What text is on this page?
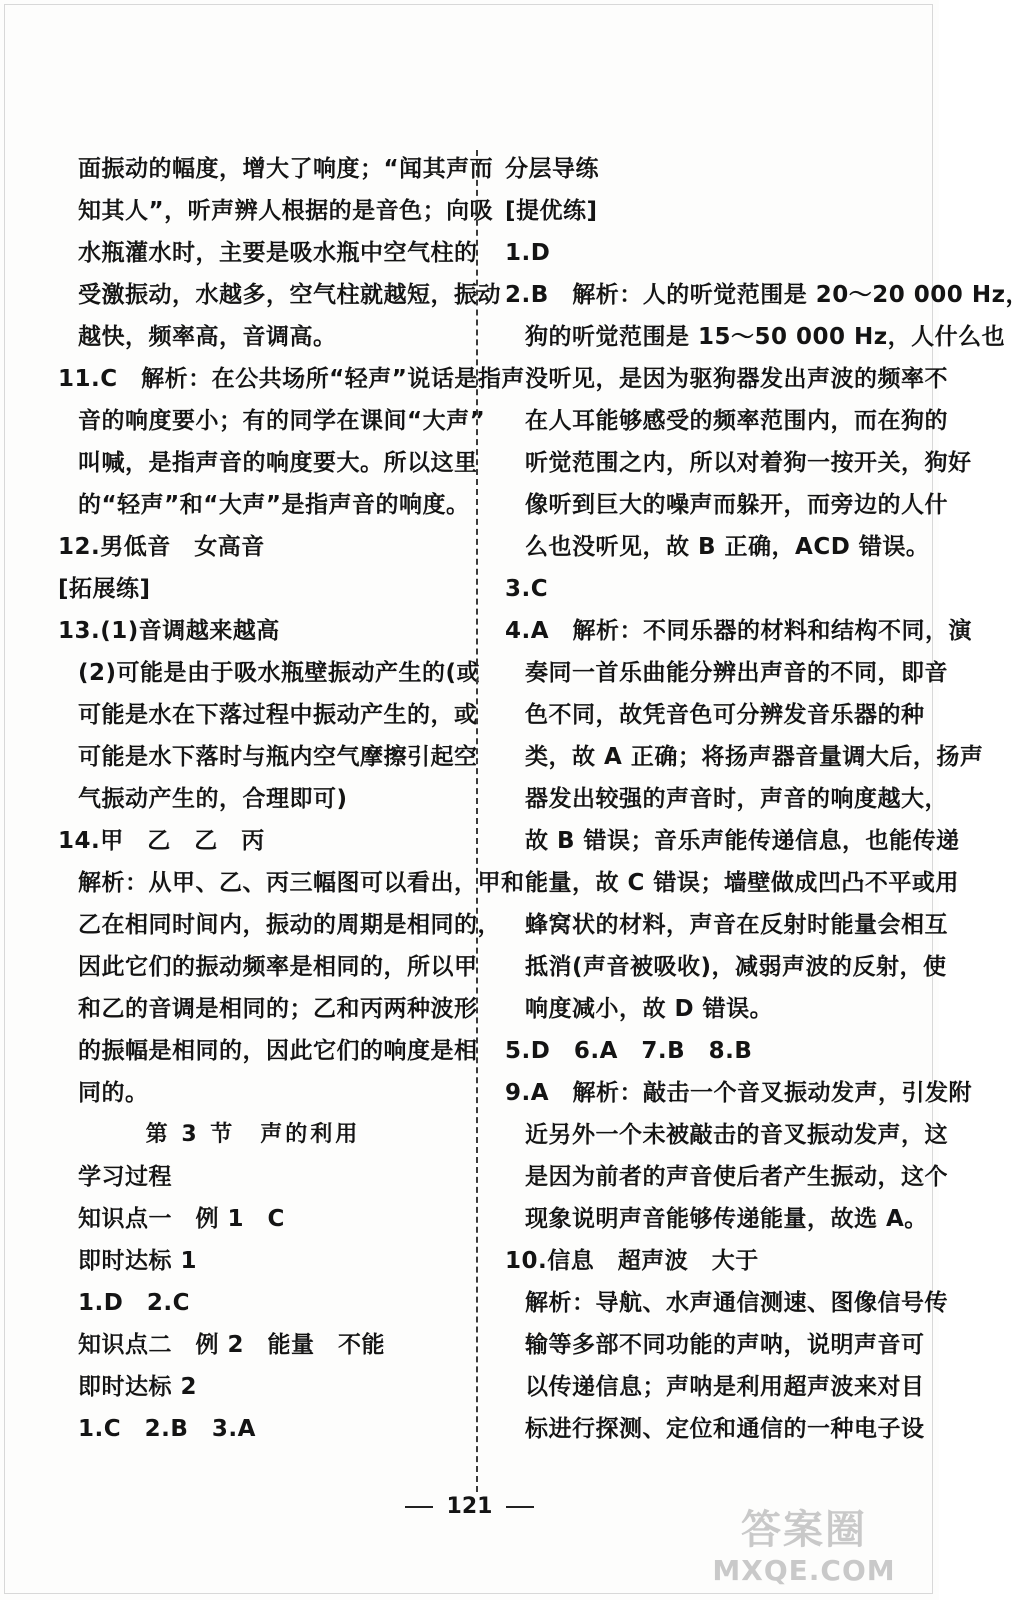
面振动的幅度，增大了响度；“闻其声而
知其人”，听声辨人根据的是音色；向吸
水瓶灌水时，主要是吸水瓶中空气柱的
受激振动，水越多，空气柱就越短，振动
越快，频率高，音调高。
11.C　解析：在公共场所“轻声”说话是指声
音的响度要小；有的同学在课间“大声”
叫喊，是指声音的响度要大。所以这里
的“轻声”和“大声”是指声音的响度。
12.男低音　女高音
[拓展练]
13.(1)音调越来越高
(2)可能是由于吸水瓶壁振动产生的(或
可能是水在下落过程中振动产生的，或
可能是水下落时与瓶内空气摩擦引起空
气振动产生的，合理即可)
14.甲　乙　乙　丙
解析：从甲、乙、丙三幅图可以看出，甲和
乙在相同时间内，振动的周期是相同的，
因此它们的振动频率是相同的，所以甲
和乙的音调是相同的；乙和丙两种波形
的振幅是相同的，因此它们的响度是相
同的。
第 3 节　声的利用
学习过程
知识点一　例 1　C
即时达标 1
1.D　2.C
知识点二　例 2　能量　不能
即时达标 2
1.C　2.B　3.A
分层导练
[提优练]
1.D
2.B　解析：人的听觉范围是 20～20 000 Hz，
狗的听觉范围是 15～50 000 Hz，人什么也
没听见，是因为驱狗器发出声波的频率不
在人耳能够感受的频率范围内，而在狗的
听觉范围之内，所以对着狗一按开关，狗好
像听到巨大的噪声而躲开，而旁边的人什
么也没听见，故 B 正确，ACD 错误。
3.C
4.A　解析：不同乐器的材料和结构不同，演
奏同一首乐曲能分辨出声音的不同，即音
色不同，故凭音色可分辨发音乐器的种
类，故 A 正确；将扬声器音量调大后，扬声
器发出较强的声音时，声音的响度越大，
故 B 错误；音乐声能传递信息，也能传递
能量，故 C 错误；墙壁做成凹凸不平或用
蜂窝状的材料，声音在反射时能量会相互
抵消(声音被吸收)，减弱声波的反射，使
响度减小，故 D 错误。
5.D　6.A　7.B　8.B
9.A　解析：敲击一个音叉振动发声，引发附
近另外一个未被敲击的音叉振动发声，这
是因为前者的声音使后者产生振动，这个
现象说明声音能够传递能量，故选 A。
10.信息　超声波　大于
解析：导航、水声通信测速、图像信号传
输等多部不同功能的声呐，说明声音可
以传递信息；声呐是利用超声波来对目
标进行探测、定位和通信的一种电子设
121
答案圈
MXQE.COM
